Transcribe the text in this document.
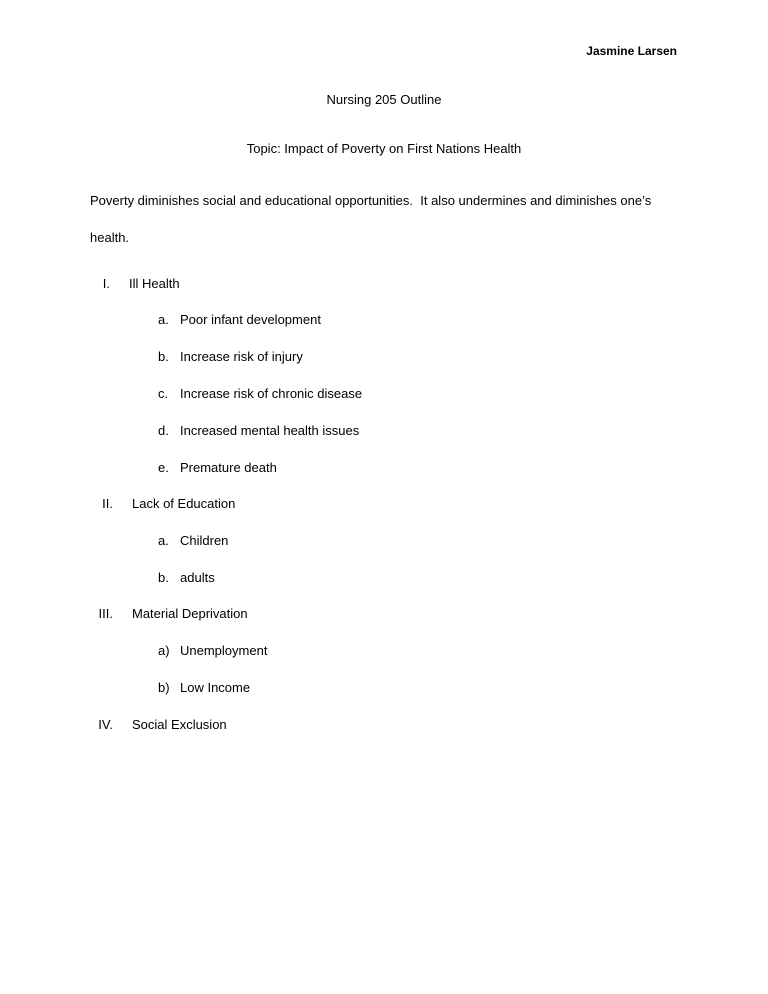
Jasmine Larsen
Nursing 205 Outline
Topic: Impact of Poverty on First Nations Health
Poverty diminishes social and educational opportunities.  It also undermines and diminishes one’s health.
I. Ill Health
a. Poor infant development
b. Increase risk of injury
c. Increase risk of chronic disease
d. Increased mental health issues
e. Premature death
II. Lack of Education
a. Children
b. adults
III. Material Deprivation
a) Unemployment
b) Low Income
IV. Social Exclusion
